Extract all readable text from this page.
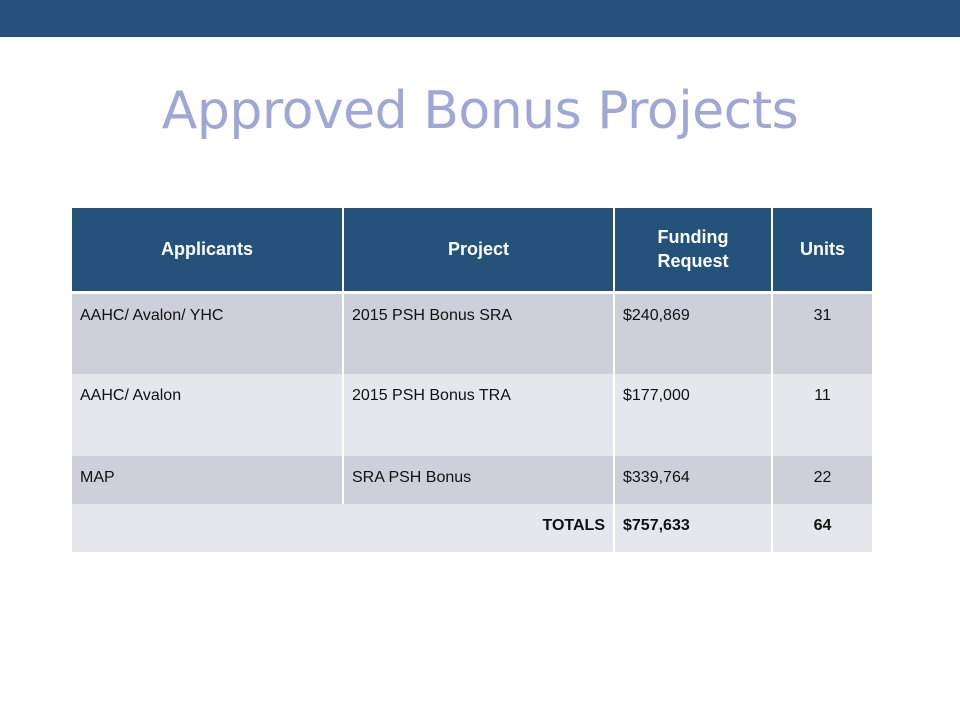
Approved Bonus Projects
Applicants	Project	Funding Request	Units
AAHC/ Avalon/ YHC	2015 PSH Bonus SRA	$240,869	31
AAHC/ Avalon	2015 PSH Bonus TRA	$177,000	11
MAP	SRA PSH Bonus	$339,764	22
TOTALS		$757,633	64
